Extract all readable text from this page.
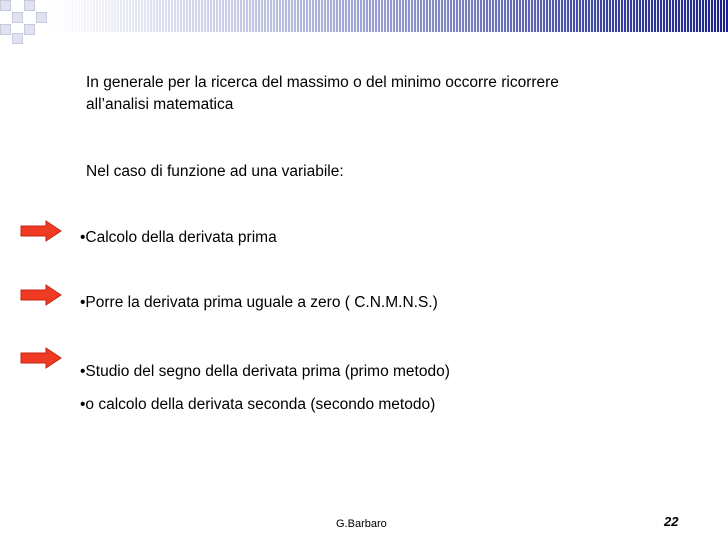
In generale per la ricerca del massimo o del minimo occorre ricorrere
all’analisi matematica
Nel caso di funzione ad una variabile:
•Calcolo della derivata prima
•Porre la derivata prima uguale a zero ( C.N.M.N.S.)
•Studio del segno della derivata prima (primo metodo)
•o calcolo della derivata seconda (secondo metodo)
G.Barbaro	22
